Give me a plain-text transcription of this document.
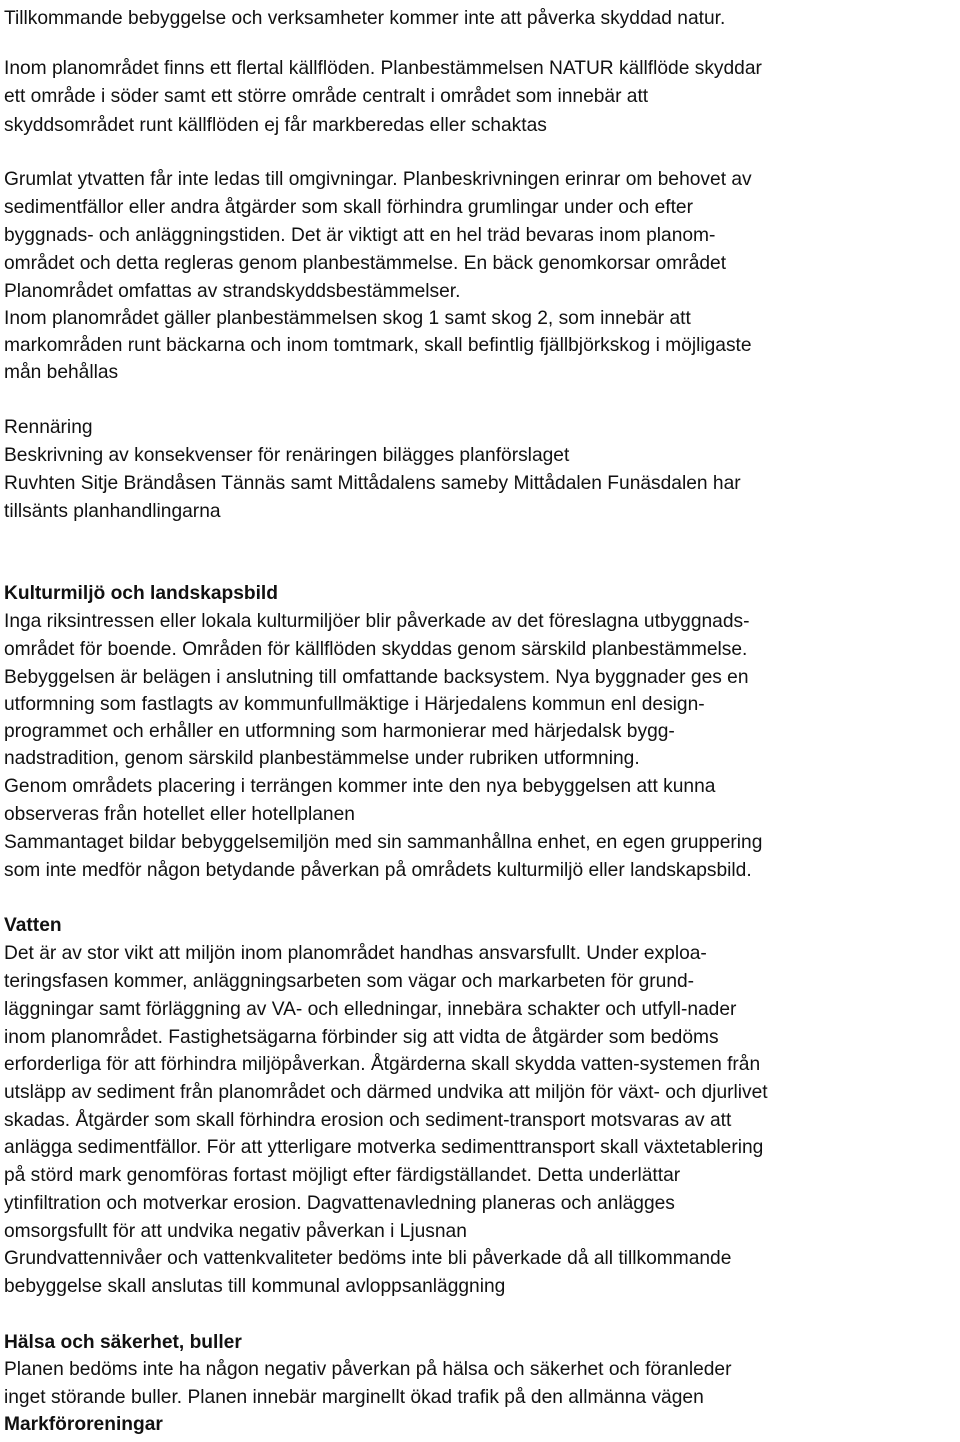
Tillkommande bebyggelse och verksamheter kommer inte att påverka skyddad natur.
Inom planområdet finns ett flertal källflöden. Planbestämmelsen NATUR källflöde skyddar
ett område i söder samt ett större område centralt i området som innebär att
skyddsområdet runt källflöden ej får markberedas eller schaktas
Grumlat ytvatten får inte ledas till omgivningar. Planbeskrivningen erinrar om behovet av
sedimentfällor eller andra åtgärder som skall förhindra grumlingar under och efter
byggnads- och anläggningstiden. Det är viktigt att en hel träd bevaras inom planom-
området och detta regleras genom planbestämmelse. En bäck genomkorsar området
Planområdet omfattas av strandskyddsbestämmelser.
Inom planområdet gäller planbestämmelsen skog 1 samt skog 2, som innebär att
markområden runt bäckarna och inom tomtmark, skall befintlig fjällbjörkskog i möjligaste
mån behållas
Rennäring
Beskrivning av konsekvenser för renäringen bilägges planförslaget
Ruvhten Sitje Brändåsen Tännäs samt Mittådalens sameby Mittådalen Funäsdalen har
tillsänts planhandlingarna
Kulturmiljö och landskapsbild
Inga riksintressen eller lokala kulturmiljöer blir påverkade av det föreslagna utbyggnads-
området för boende. Områden för källflöden skyddas genom särskild planbestämmelse.
Bebyggelsen är belägen i anslutning till omfattande backsystem. Nya byggnader ges en
utformning som fastlagts av kommunfullmäktige i Härjedalens kommun enl design-
programmet och erhåller en utformning som harmonierar med härjedalsk bygg-
nadstradition, genom särskild planbestämmelse under rubriken utformning.
Genom områdets placering i terrängen kommer inte den nya bebyggelsen att kunna
observeras från hotellet eller hotellplanen
Sammantaget bildar bebyggelsemiljön med sin sammanhållna enhet, en egen gruppering
som inte medför någon betydande påverkan på områdets kulturmiljö eller landskapsbild.
Vatten
Det är av stor vikt att miljön inom planområdet handhas ansvarsfullt. Under exploa-
teringsfasen kommer, anläggningsarbeten som vägar och markarbeten för grund-
läggningar samt förläggning av VA- och elledningar, innebära schakter och utfyll-nader
inom planområdet. Fastighetsägarna förbinder sig att vidta de åtgärder som bedöms
erforderliga för att förhindra miljöpåverkan. Åtgärderna skall skydda vatten-systemen från
utsläpp av sediment från planområdet och därmed undvika att miljön för växt- och djurlivet
skadas. Åtgärder som skall förhindra erosion och sediment-transport motsvaras av att
anlägga sedimentfällor. För att ytterligare motverka sedimenttransport skall växtetablering
på störd mark genomföras fortast möjligt efter färdigställandet. Detta underlättar
ytinfiltration och motverkar erosion. Dagvattenavledning planeras och anlägges
omsorgsfullt för att undvika negativ påverkan i Ljusnan
Grundvattennivåer och vattenkvaliteter bedöms inte bli påverkade då all tillkommande
bebyggelse skall anslutas till kommunal avloppsanläggning
Hälsa och säkerhet, buller
Planen bedöms inte ha någon negativ påverkan på hälsa och säkerhet och föranleder
inget störande buller. Planen innebär marginellt ökad trafik på den allmänna vägen
Markföroreningar
